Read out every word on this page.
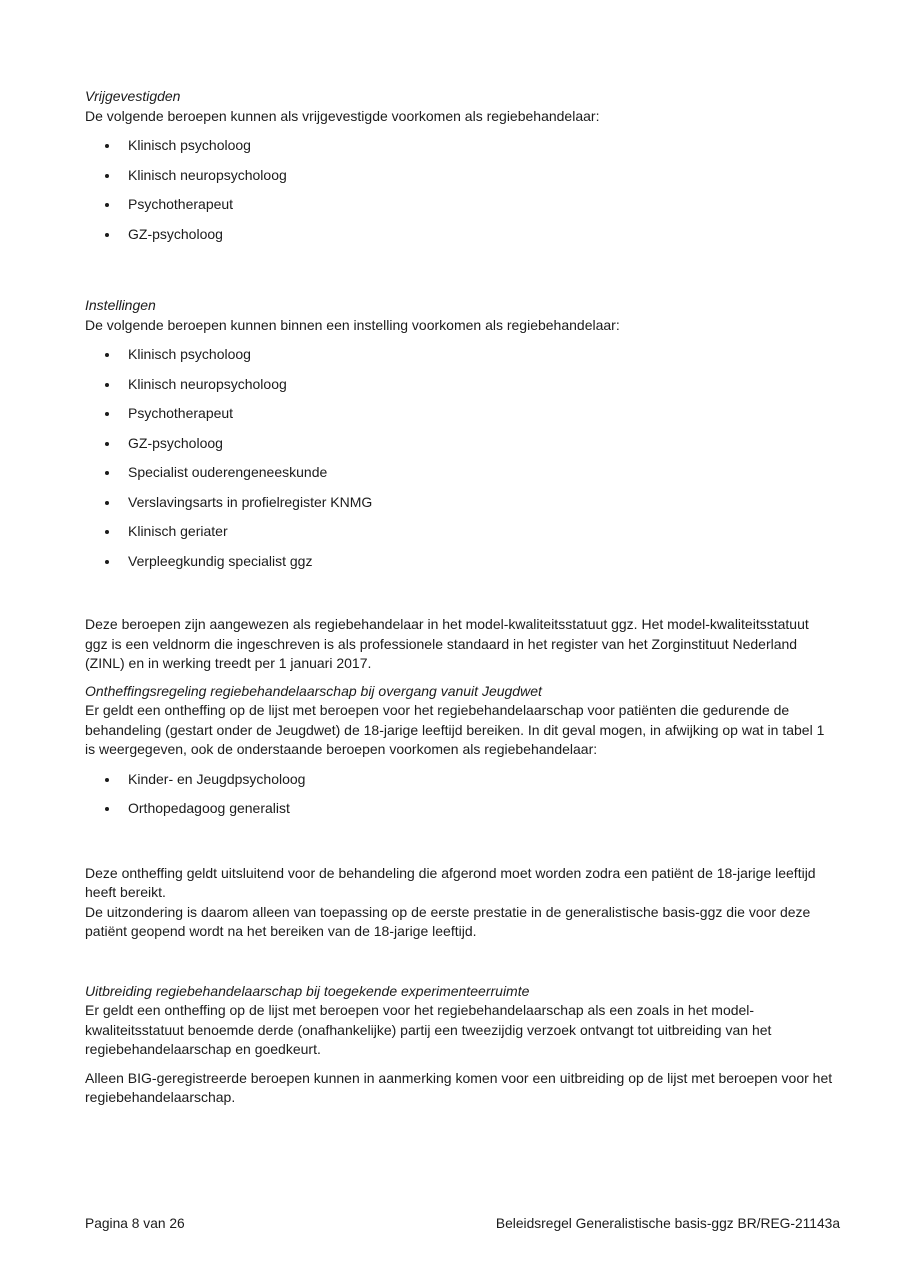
Vrijgevestigden

De volgende beroepen kunnen als vrijgevestigde voorkomen als regiebehandelaar:

Klinisch psycholoog
Klinisch neuropsycholoog
Psychotherapeut
GZ-psycholoog
Instellingen

De volgende beroepen kunnen binnen een instelling voorkomen als regiebehandelaar:

Klinisch psycholoog
Klinisch neuropsycholoog
Psychotherapeut
GZ-psycholoog
Specialist ouderengeneeskunde
Verslavingsarts in profielregister KNMG
Klinisch geriater
Verpleegkundig specialist ggz

Deze beroepen zijn aangewezen als regiebehandelaar in het model-kwaliteitsstatuut ggz. Het model-kwaliteitsstatuut ggz is een veldnorm die ingeschreven is als professionele standaard in het register van het Zorginstituut Nederland (ZINL) en in werking treedt per 1 januari 2017.

Ontheffingsregeling regiebehandelaarschap bij overgang vanuit Jeugdwet

Er geldt een ontheffing op de lijst met beroepen voor het regiebehandelaarschap voor patiënten die gedurende de behandeling (gestart onder de Jeugdwet) de 18-jarige leeftijd bereiken. In dit geval mogen, in afwijking op wat in tabel 1 is weergegeven, ook de onderstaande beroepen voorkomen als regiebehandelaar:

Kinder- en Jeugdpsycholoog
Orthopedagoog generalist

Deze ontheffing geldt uitsluitend voor de behandeling die afgerond moet worden zodra een patiënt de 18-jarige leeftijd heeft bereikt.

De uitzondering is daarom alleen van toepassing op de eerste prestatie in de generalistische basis-ggz die voor deze patiënt geopend wordt na het bereiken van de 18-jarige leeftijd.

Uitbreiding regiebehandelaarschap bij toegekende experimenteerruimte

Er geldt een ontheffing op de lijst met beroepen voor het regiebehandelaarschap als een zoals in het model-kwaliteitsstatuut benoemde derde (onafhankelijke) partij een tweezijdig verzoek ontvangt tot uitbreiding van het regiebehandelaarschap en goedkeurt.

Alleen BIG-geregistreerde beroepen kunnen in aanmerking komen voor een uitbreiding op de lijst met beroepen voor het regiebehandelaarschap.

Pagina 8 van 26	Beleidsregel Generalistische basis-ggz BR/REG-21143a
